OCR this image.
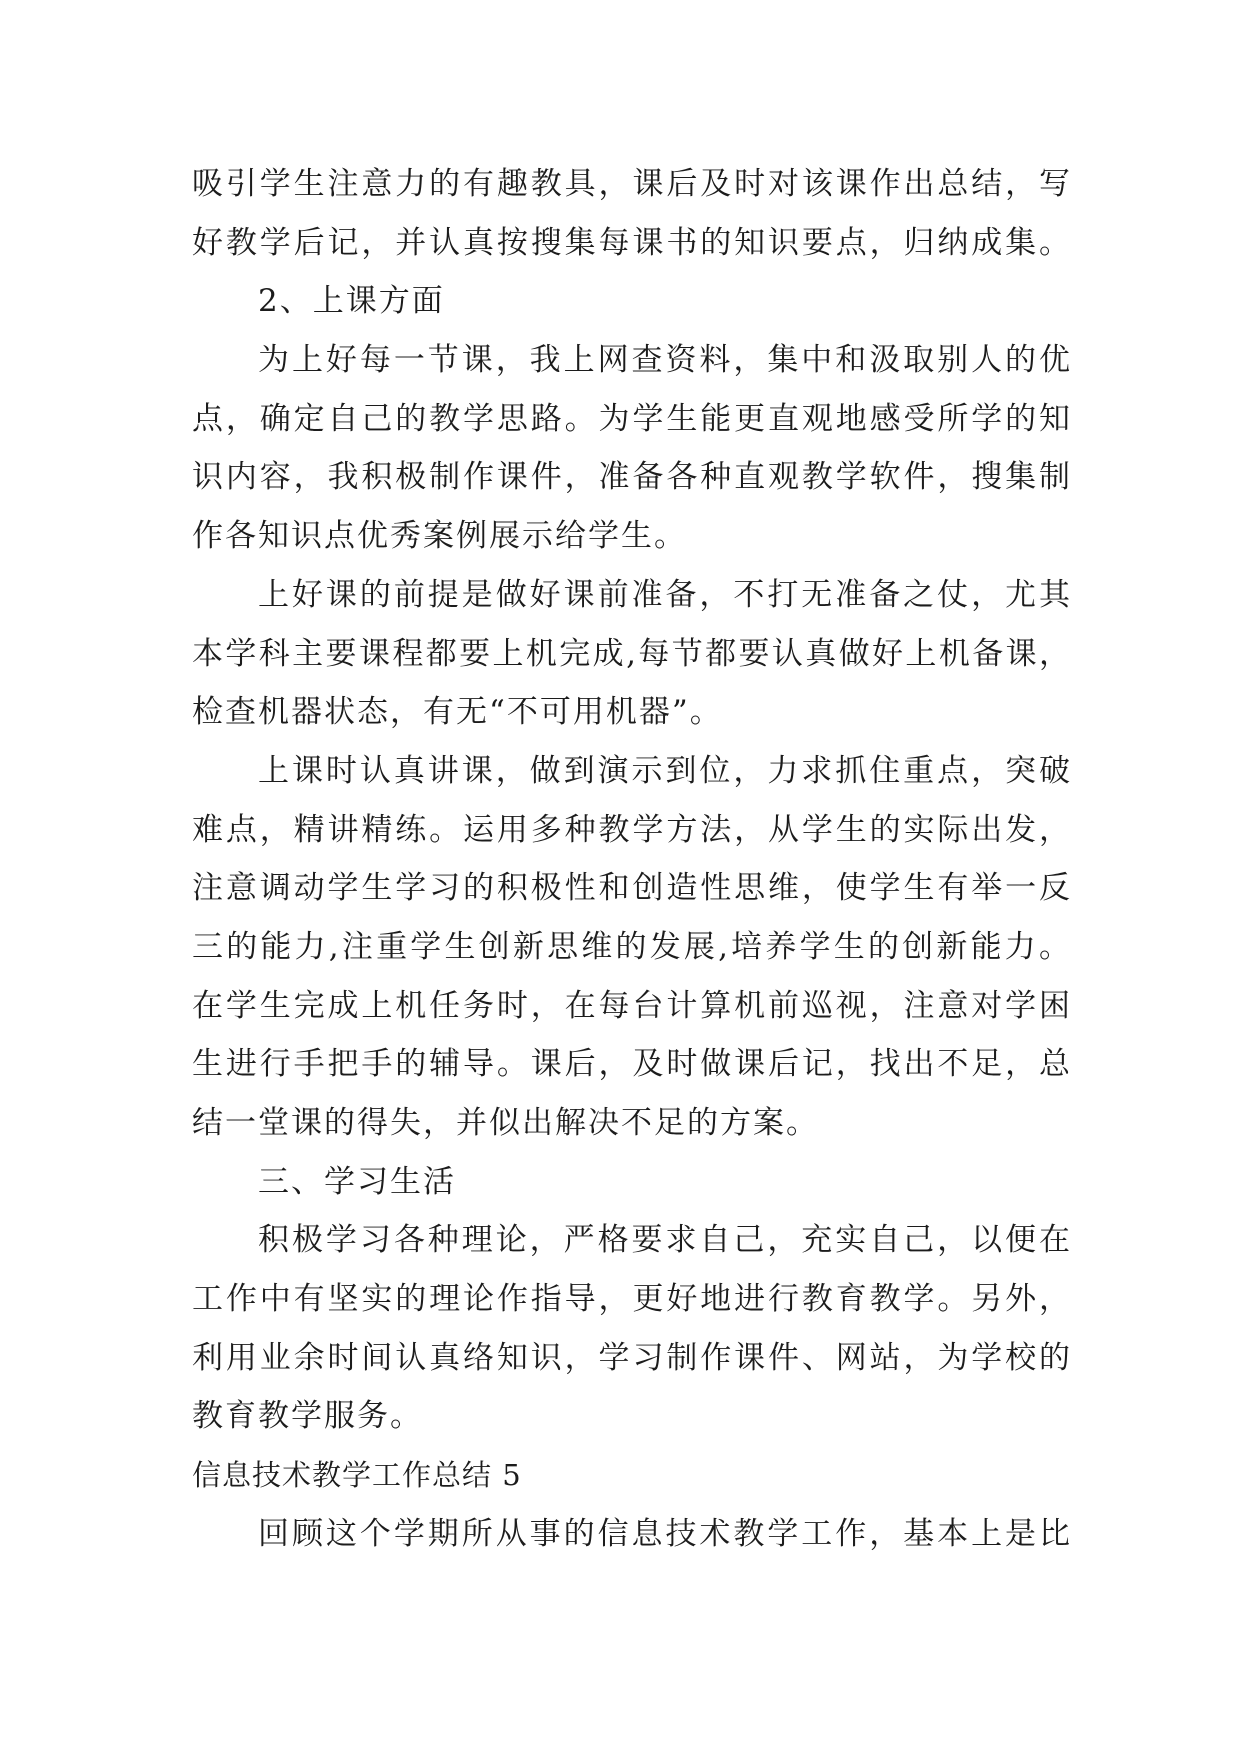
吸引学生注意力的有趣教具，课后及时对该课作出总结，写
好教学后记，并认真按搜集每课书的知识要点，归纳成集。
2、上课方面
为上好每一节课，我上网查资料，集中和汲取别人的优
点，确定自己的教学思路。为学生能更直观地感受所学的知
识内容，我积极制作课件，准备各种直观教学软件，搜集制
作各知识点优秀案例展示给学生。
上好课的前提是做好课前准备，不打无准备之仗，尤其
本学科主要课程都要上机完成,每节都要认真做好上机备课，
检查机器状态，有无“不可用机器”。
上课时认真讲课，做到演示到位，力求抓住重点，突破
难点，精讲精练。运用多种教学方法，从学生的实际出发，
注意调动学生学习的积极性和创造性思维，使学生有举一反
三的能力,注重学生创新思维的发展,培养学生的创新能力。
在学生完成上机任务时，在每台计算机前巡视，注意对学困
生进行手把手的辅导。课后，及时做课后记，找出不足，总
结一堂课的得失，并似出解决不足的方案。
三、学习生活
积极学习各种理论，严格要求自己，充实自己，以便在
工作中有坚实的理论作指导，更好地进行教育教学。另外，
利用业余时间认真络知识，学习制作课件、网站，为学校的
教育教学服务。
信息技术教学工作总结 5
回顾这个学期所从事的信息技术教学工作，基本上是比
